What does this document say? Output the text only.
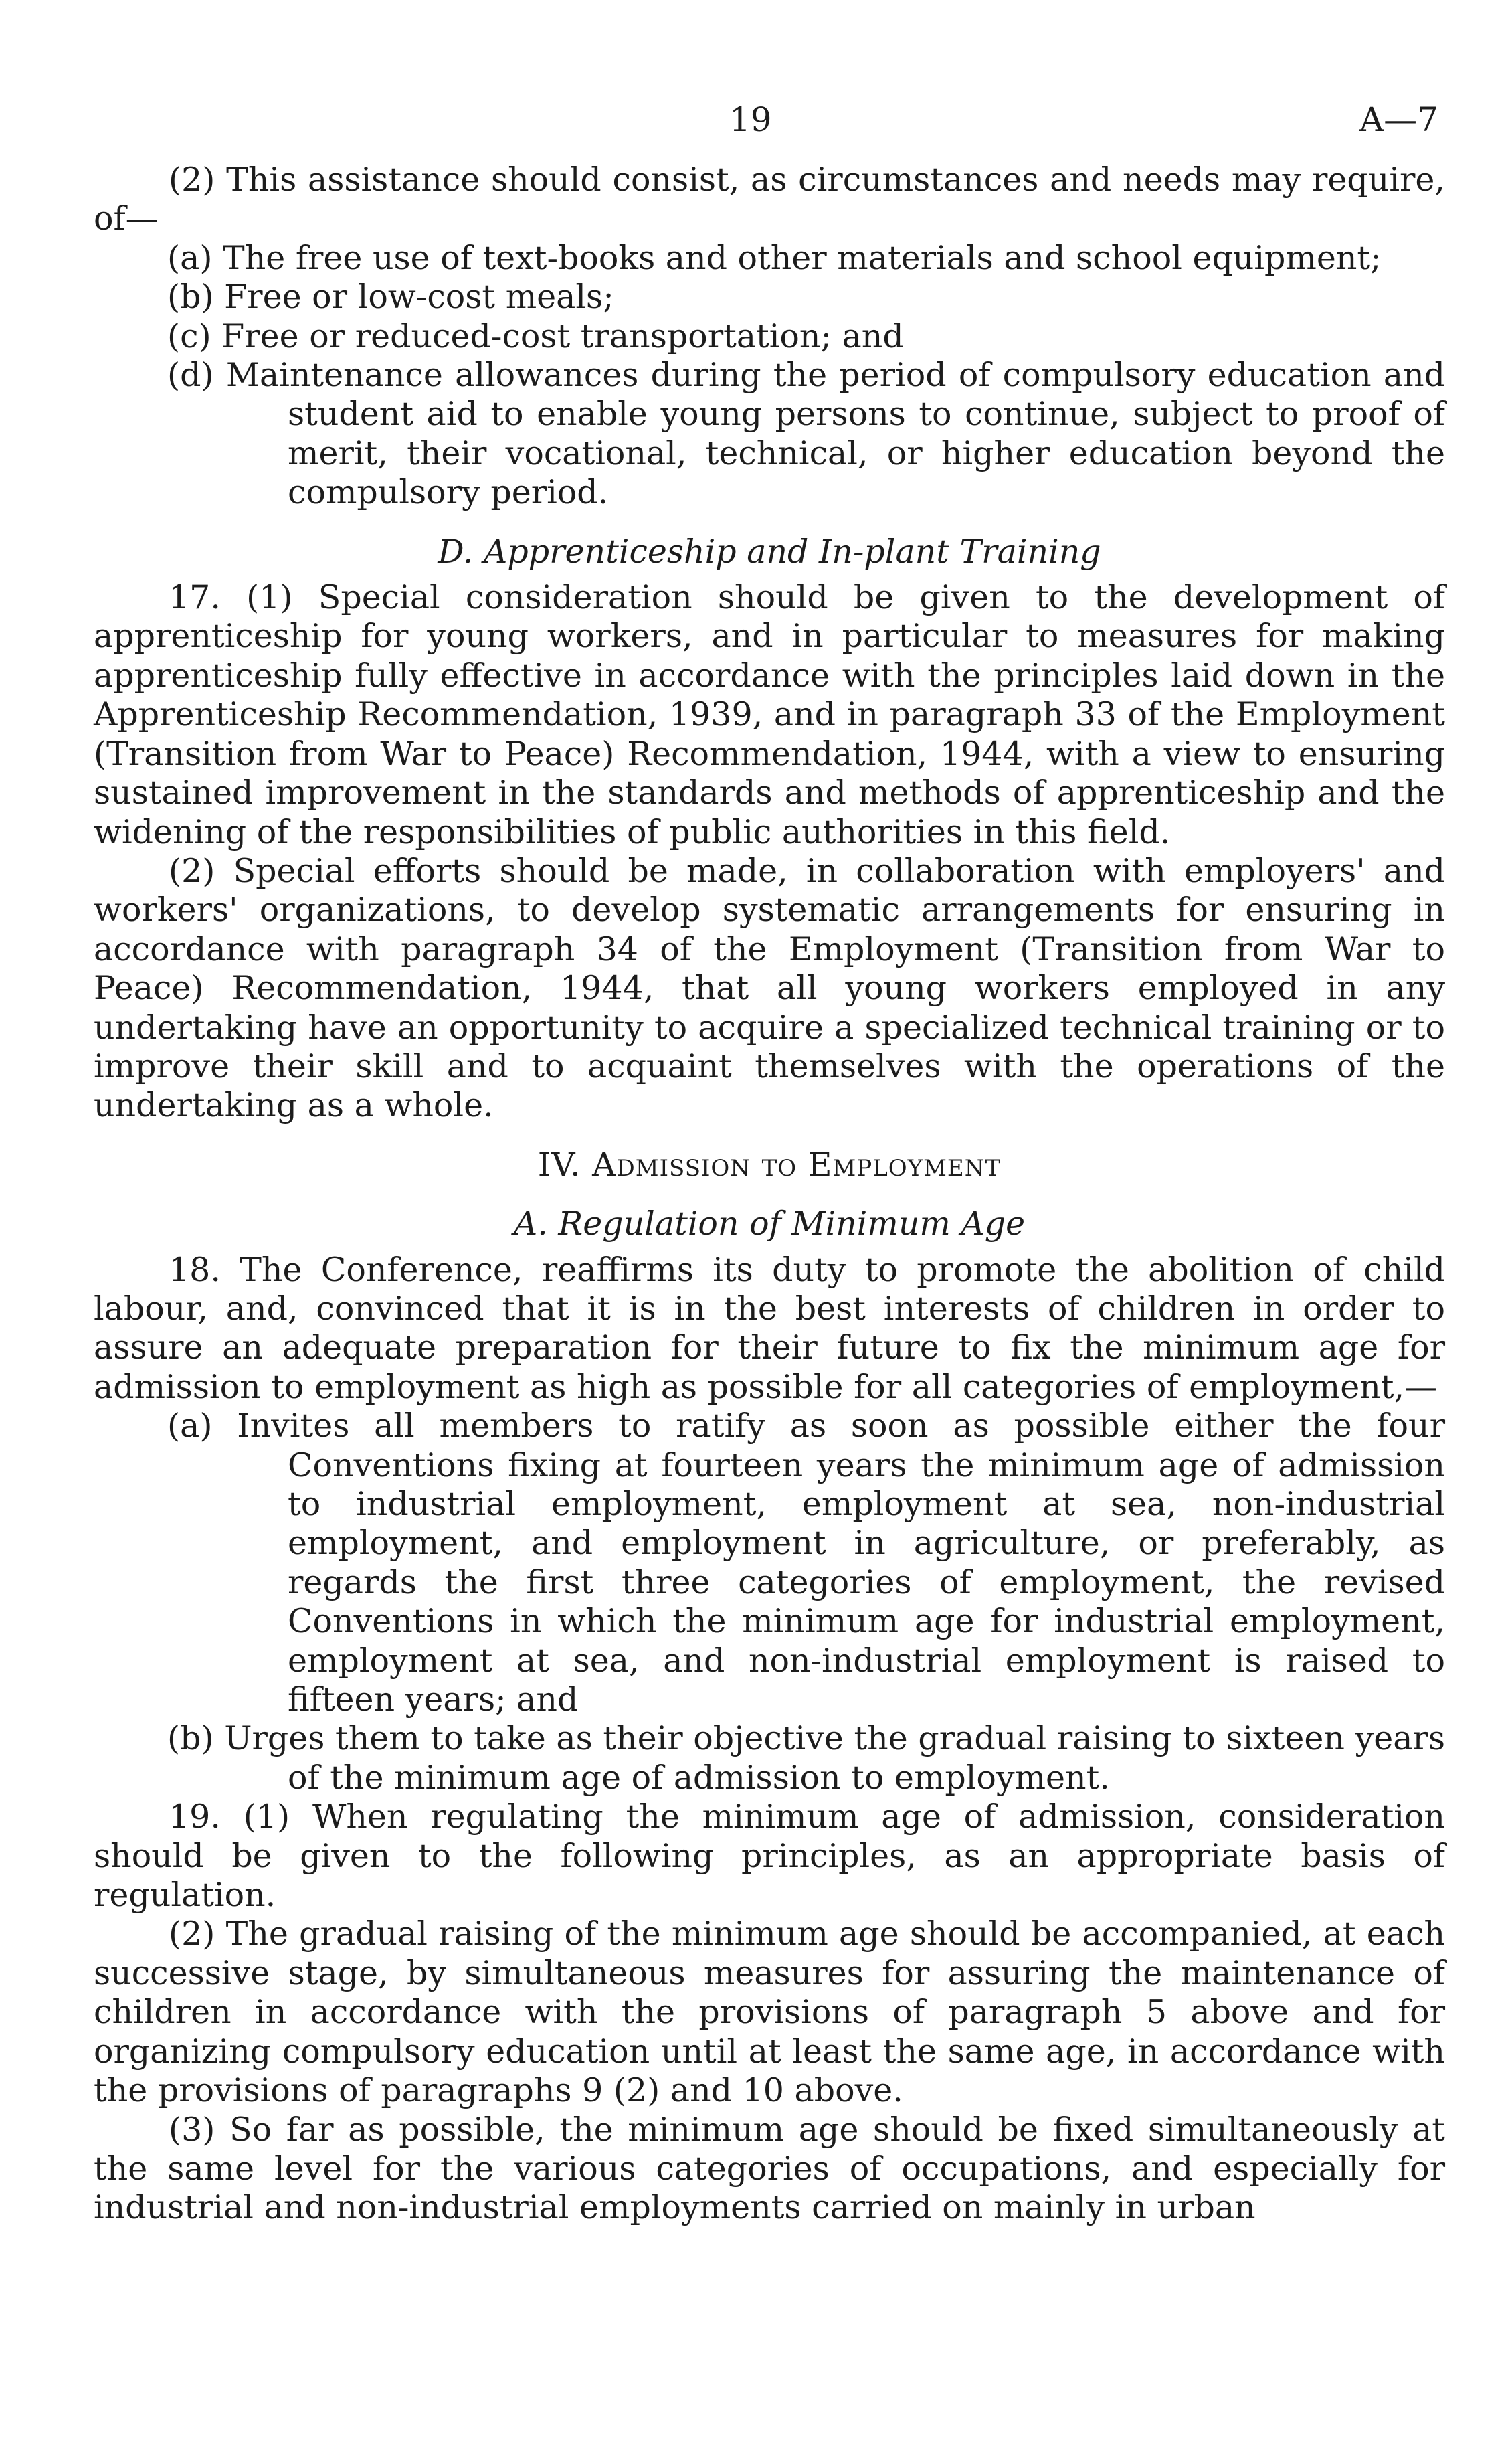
19	A—7

(2) This assistance should consist, as circumstances and needs may require, of—

(a) The free use of text-books and other materials and school equipment;

(b) Free or low-cost meals;

(c) Free or reduced-cost transportation; and

(d) Maintenance allowances during the period of compulsory education and student aid to enable young persons to continue, subject to proof of merit, their vocational, technical, or higher education beyond the compulsory period.

D. Apprenticeship and In-plant Training

17. (1) Special consideration should be given to the development of apprenticeship for young workers, and in particular to measures for making apprenticeship fully effective in accordance with the principles laid down in the Apprenticeship Recommendation, 1939, and in paragraph 33 of the Employment (Transition from War to Peace) Recommendation, 1944, with a view to ensuring sustained improvement in the standards and methods of apprenticeship and the widening of the responsibilities of public authorities in this field.

(2) Special efforts should be made, in collaboration with employers' and workers' organizations, to develop systematic arrangements for ensuring in accordance with paragraph 34 of the Employment (Transition from War to Peace) Recommendation, 1944, that all young workers employed in any undertaking have an opportunity to acquire a specialized technical training or to improve their skill and to acquaint themselves with the operations of the undertaking as a whole.

IV. Admission to Employment

A. Regulation of Minimum Age

18. The Conference, reaffirms its duty to promote the abolition of child labour, and, convinced that it is in the best interests of children in order to assure an adequate preparation for their future to fix the minimum age for admission to employment as high as possible for all categories of employment,—

(a) Invites all members to ratify as soon as possible either the four Conventions fixing at fourteen years the minimum age of admission to industrial employment, employment at sea, non-industrial employment, and employment in agriculture, or preferably, as regards the first three categories of employment, the revised Conventions in which the minimum age for industrial employment, employment at sea, and non-industrial employment is raised to fifteen years; and

(b) Urges them to take as their objective the gradual raising to sixteen years of the minimum age of admission to employment.

19. (1) When regulating the minimum age of admission, consideration should be given to the following principles, as an appropriate basis of regulation.

(2) The gradual raising of the minimum age should be accompanied, at each successive stage, by simultaneous measures for assuring the maintenance of children in accordance with the provisions of paragraph 5 above and for organizing compulsory education until at least the same age, in accordance with the provisions of paragraphs 9 (2) and 10 above.

(3) So far as possible, the minimum age should be fixed simultaneously at the same level for the various categories of occupations, and especially for industrial and non-industrial employments carried on mainly in urban
